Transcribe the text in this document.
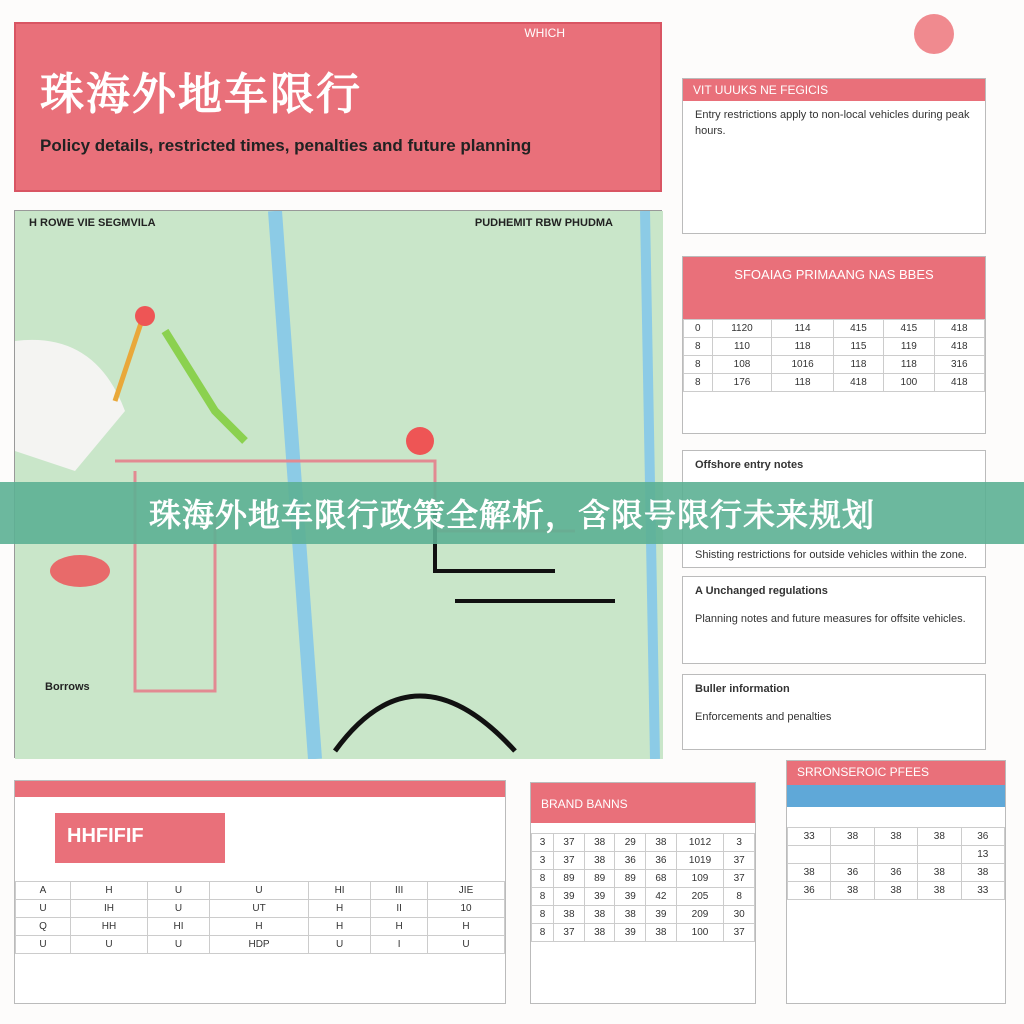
珠海外地车限行
Policy details, restricted times, penalties and future planning
WHICH
H ROWE VIE SEGMVILA	PUDHEMIT RBW PHUDMA
Borrows
VIT UUUKS NE FEGICIS
Entry restrictions apply to non-local vehicles during peak hours.
SFOAIAG PRIMAANG NAS BBES
0	1120	114	415	415	418
8	110	118	115	119	418
8	108	1016	118	118	316
8	176	118	418	100	418
Offshore entry notes
Shisting restrictions for outside vehicles within the zone.
A Unchanged regulations
Planning notes and future measures for offsite vehicles.
Buller information
Enforcements and penalties
HHFIFIF
A	H	U	U	HI	III	JIE
U	IH	U	UT	H	II	10
Q	HH	HI	H	H	H	H
U	U	U	HDP	U	I	U
BRAND BANNS
3	37	38	29	38	1012	3
3	37	38	36	36	1019	37
8	89	89	89	68	109	37
8	39	39	39	42	205	8
8	38	38	38	39	209	30
8	37	38	39	38	100	37
SRRONSEROIC PFEES
33	38	38	38	36
				13
38	36	36	38	38
36	38	38	38	33
珠海外地车限行政策全解析，含限号限行未来规划
